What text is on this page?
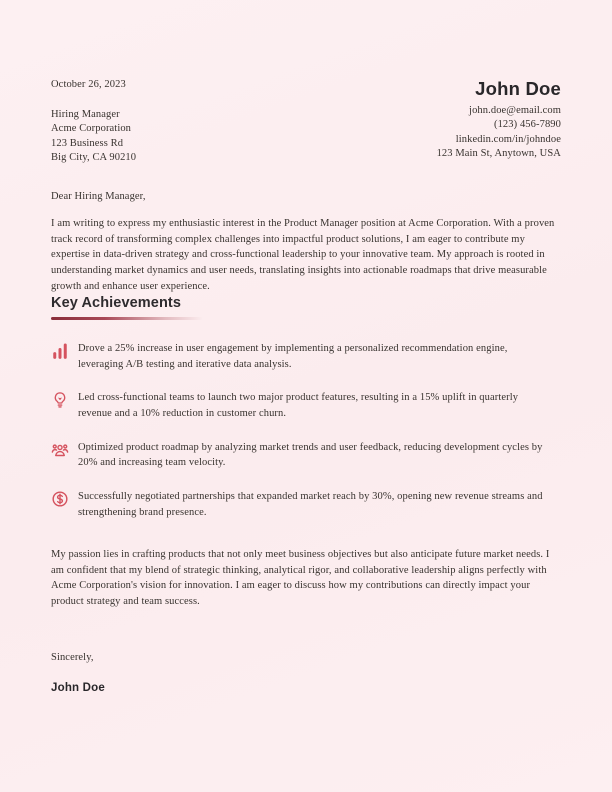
October 26, 2023
Hiring Manager
Acme Corporation
123 Business Rd
Big City, CA 90210
John Doe
john.doe@email.com
(123) 456-7890
linkedin.com/in/johndoe
123 Main St, Anytown, USA
Dear Hiring Manager,

I am writing to express my enthusiastic interest in the Product Manager position at Acme Corporation. With a proven track record of transforming complex challenges into impactful product solutions, I am eager to contribute my expertise in data-driven strategy and cross-functional leadership to your innovative team. My approach is rooted in understanding market dynamics and user needs, translating insights into actionable roadmaps that drive measurable growth and enhance user experience.

Key Achievements
Drove a 25% increase in user engagement by implementing a personalized recommendation engine, leveraging A/B testing and iterative data analysis.
Led cross-functional teams to launch two major product features, resulting in a 15% uplift in quarterly revenue and a 10% reduction in customer churn.
Optimized product roadmap by analyzing market trends and user feedback, reducing development cycles by 20% and increasing team velocity.
Successfully negotiated partnerships that expanded market reach by 30%, opening new revenue streams and strengthening brand presence.

My passion lies in crafting products that not only meet business objectives but also anticipate future market needs. I am confident that my blend of strategic thinking, analytical rigor, and collaborative leadership aligns perfectly with Acme Corporation's vision for innovation. I am eager to discuss how my contributions can directly impact your product strategy and team success.

Sincerely,
John Doe
